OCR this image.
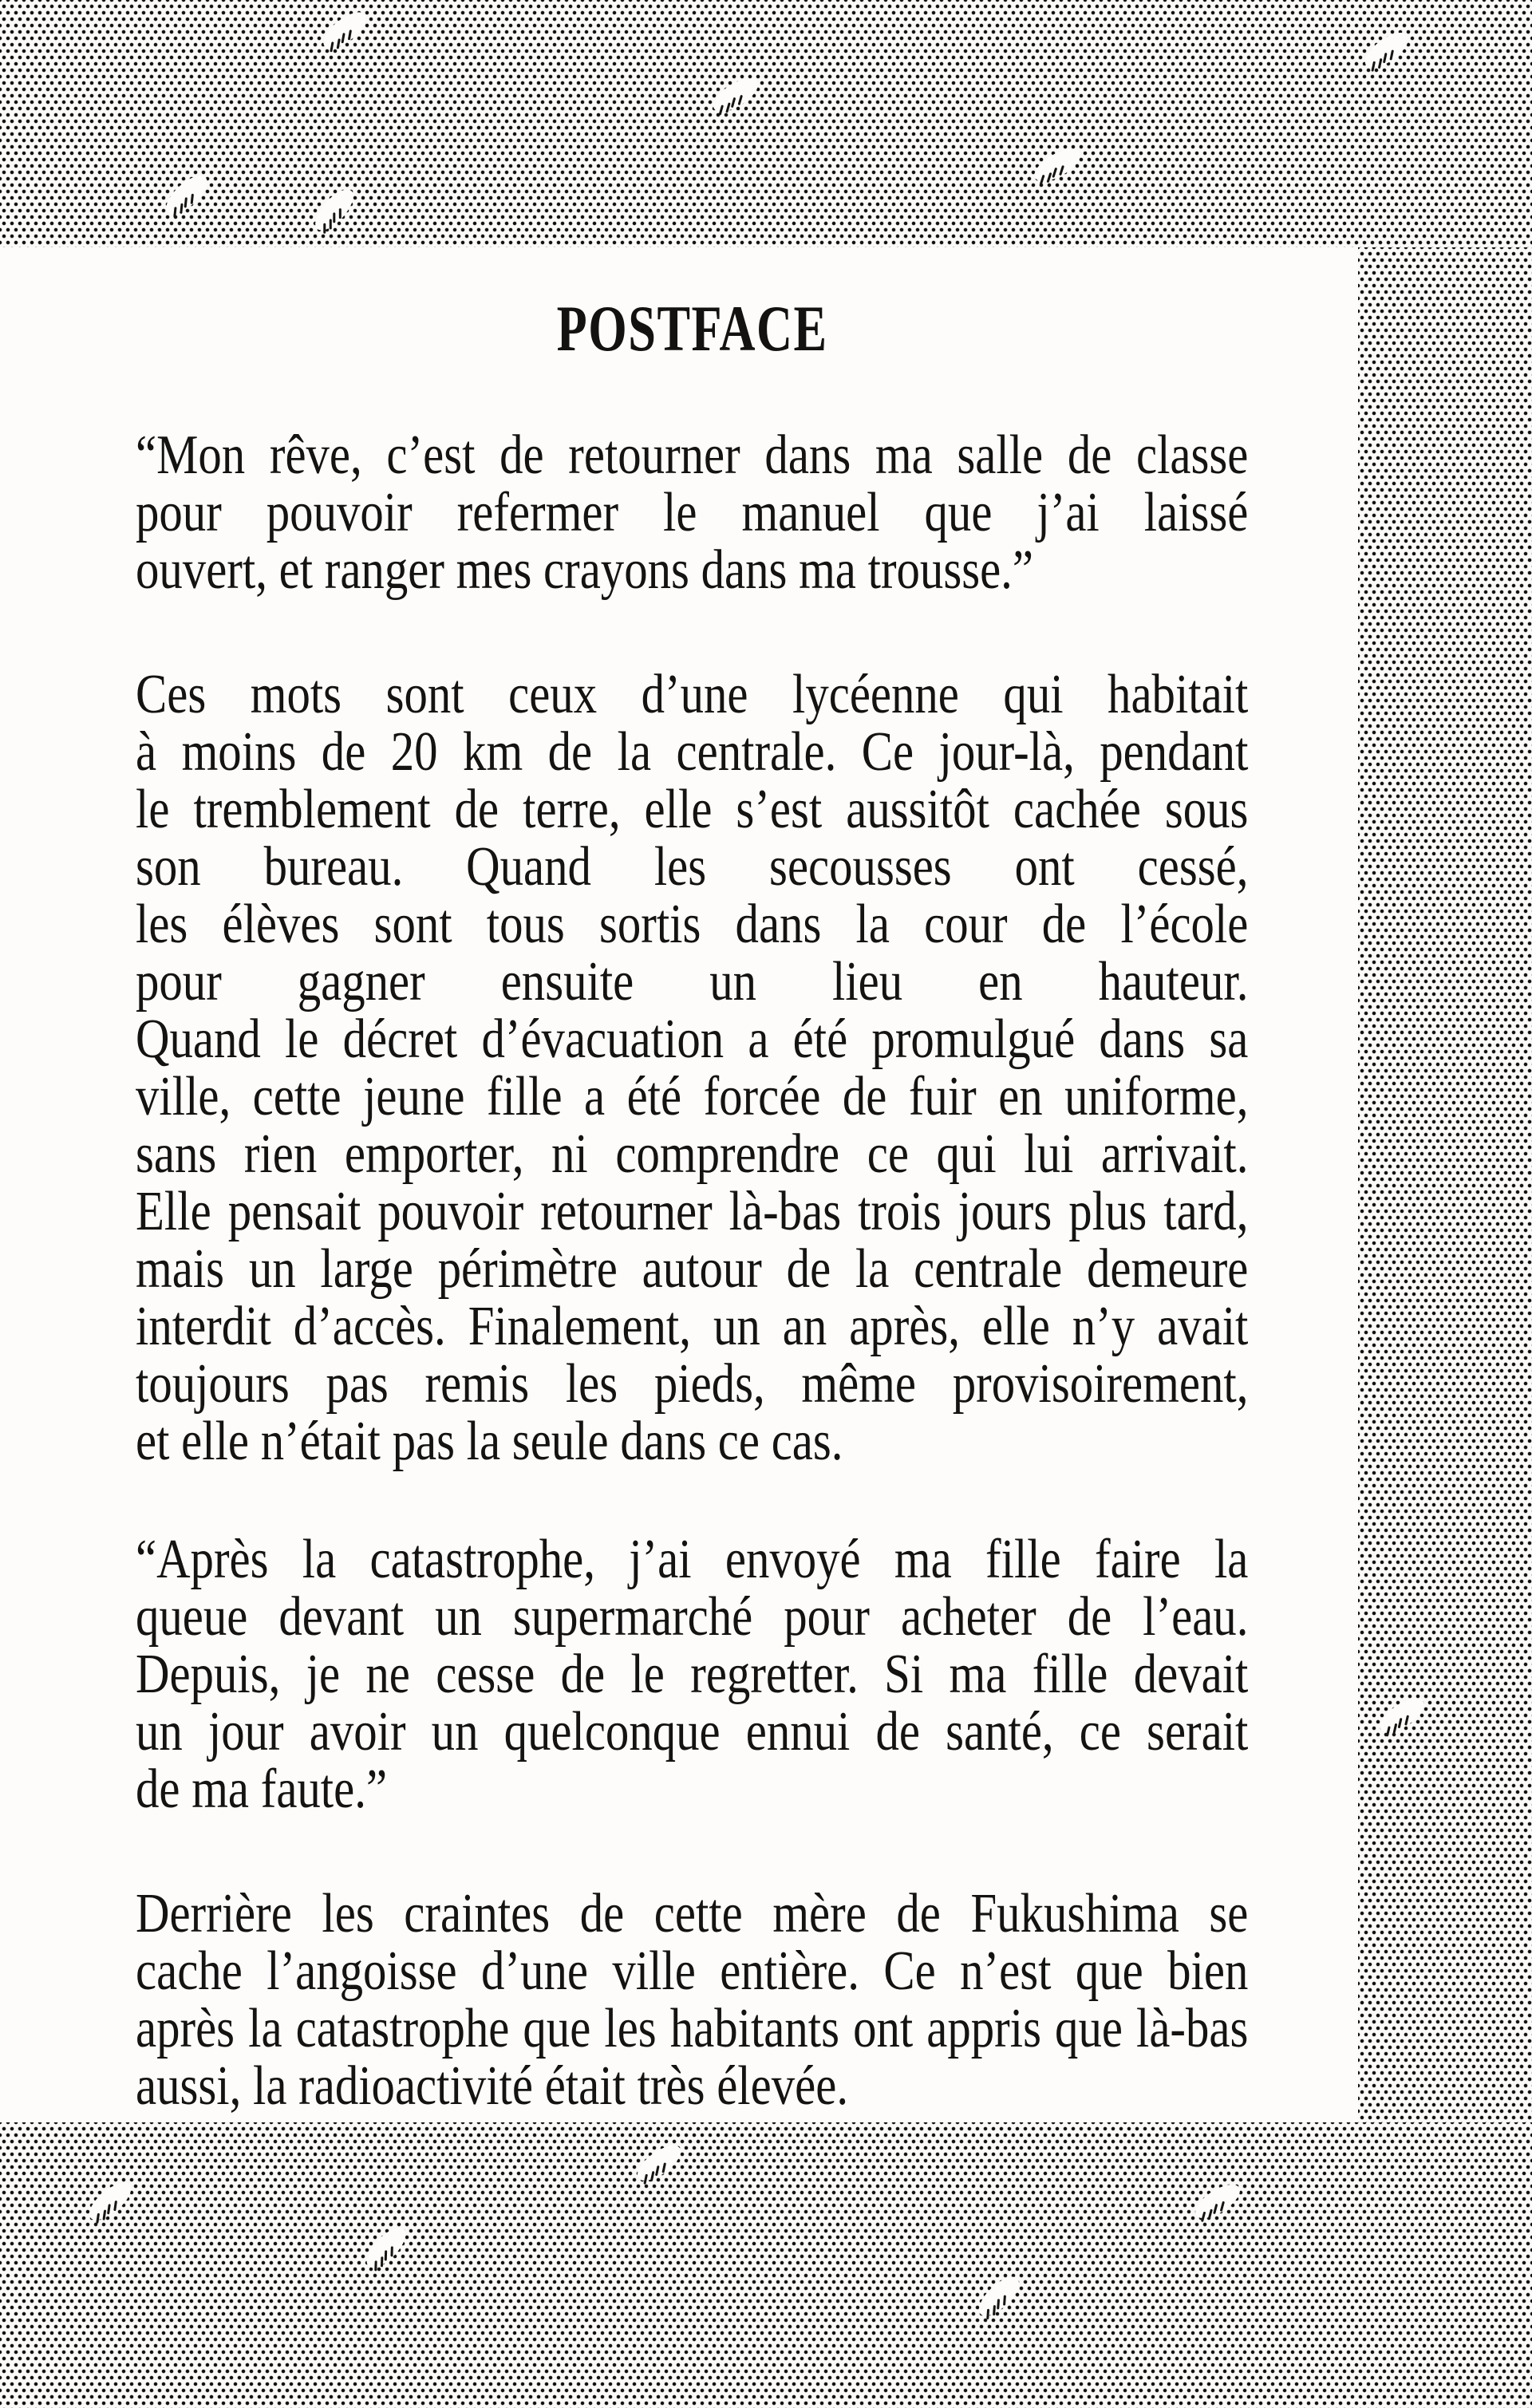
POSTFACE
“Mon rêve, c’est de retourner dans ma salle de classe
pour pouvoir refermer le manuel que j’ai laissé
ouvert, et ranger mes crayons dans ma trousse.”
Ces mots sont ceux d’une lycéenne qui habitait
à moins de 20 km de la centrale. Ce jour-là, pendant
le tremblement de terre, elle s’est aussitôt cachée sous
son bureau. Quand les secousses ont cessé,
les élèves sont tous sortis dans la cour de l’école
pour gagner ensuite un lieu en hauteur.
Quand le décret d’évacuation a été promulgué dans sa
ville, cette jeune fille a été forcée de fuir en uniforme,
sans rien emporter, ni comprendre ce qui lui arrivait.
Elle pensait pouvoir retourner là-bas trois jours plus tard,
mais un large périmètre autour de la centrale demeure
interdit d’accès. Finalement, un an après, elle n’y avait
toujours pas remis les pieds, même provisoirement,
et elle n’était pas la seule dans ce cas.
“Après la catastrophe, j’ai envoyé ma fille faire la
queue devant un supermarché pour acheter de l’eau.
Depuis, je ne cesse de le regretter. Si ma fille devait
un jour avoir un quelconque ennui de santé, ce serait
de ma faute.”
Derrière les craintes de cette mère de Fukushima se
cache l’angoisse d’une ville entière. Ce n’est que bien
après la catastrophe que les habitants ont appris que là-bas
aussi, la radioactivité était très élevée.
